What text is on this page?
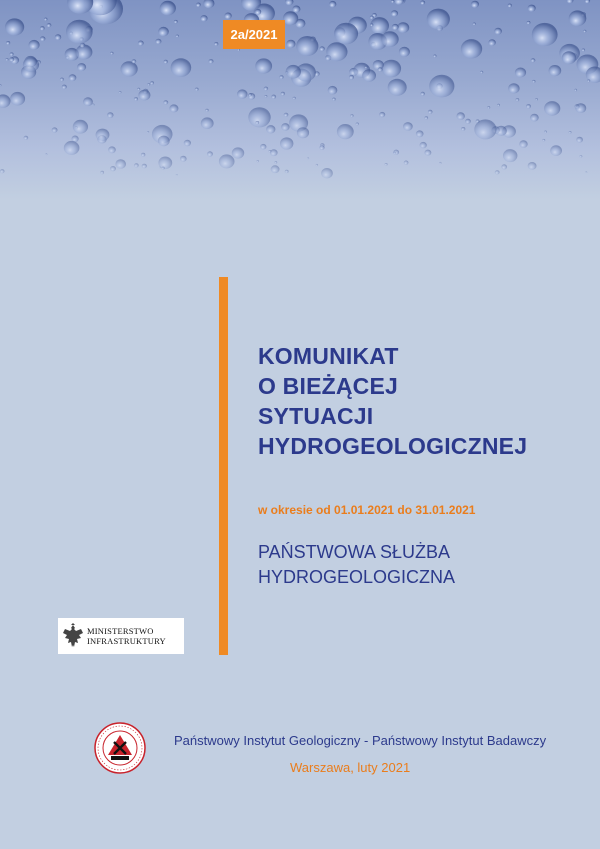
2a/2021
KOMUNIKAT
O BIEŻĄCEJ
SYTUACJI
HYDROGEOLOGICZNEJ
w okresie od 01.01.2021 do 31.01.2021
PAŃSTWOWA SŁUŻBA
HYDROGEOLOGICZNA
MINISTERSTWO
INFRASTRUKTURY
Państwowy Instytut Geologiczny - Państwowy Instytut Badawczy
Warszawa, luty 2021
